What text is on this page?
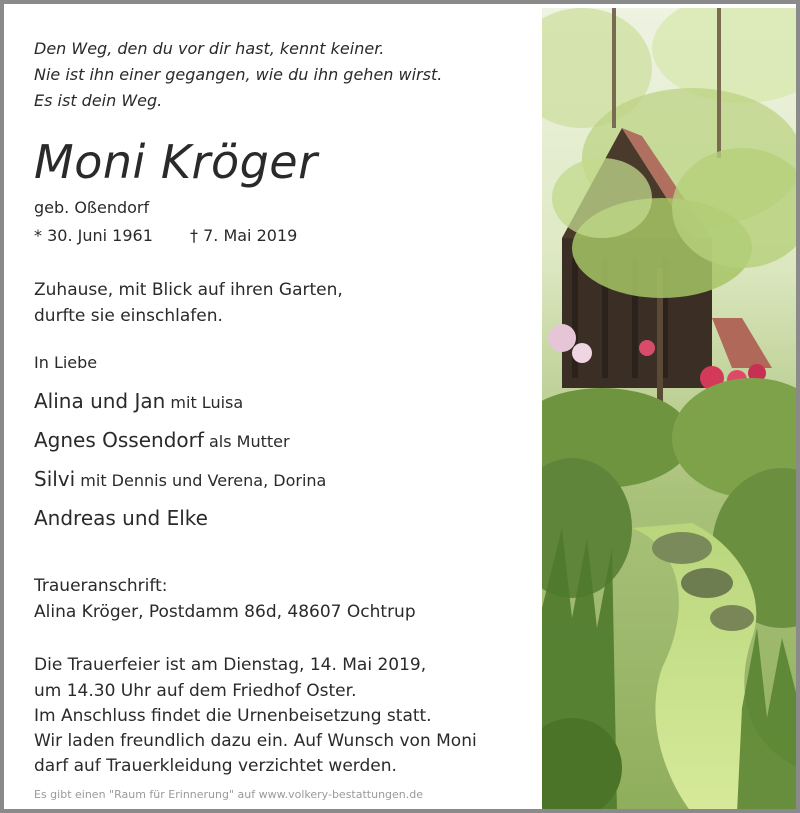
Den Weg, den du vor dir hast, kennt keiner.
Nie ist ihn einer gegangen, wie du ihn gehen wirst.
Es ist dein Weg.
Moni Kröger
geb. Oßendorf
* 30. Juni 1961 † 7. Mai 2019
Zuhause, mit Blick auf ihren Garten,
durfte sie einschlafen.
In Liebe
Alina und Jan mit Luisa
Agnes Ossendorf als Mutter
Silvi mit Dennis und Verena, Dorina
Andreas und Elke
Traueranschrift:
Alina Kröger, Postdamm 86d, 48607 Ochtrup
Die Trauerfeier ist am Dienstag, 14. Mai 2019,
um 14.30 Uhr auf dem Friedhof Oster.
Im Anschluss findet die Urnenbeisetzung statt.
Wir laden freundlich dazu ein. Auf Wunsch von Moni
darf auf Trauerkleidung verzichtet werden.
Es gibt einen "Raum für Erinnerung" auf www.volkery-bestattungen.de
